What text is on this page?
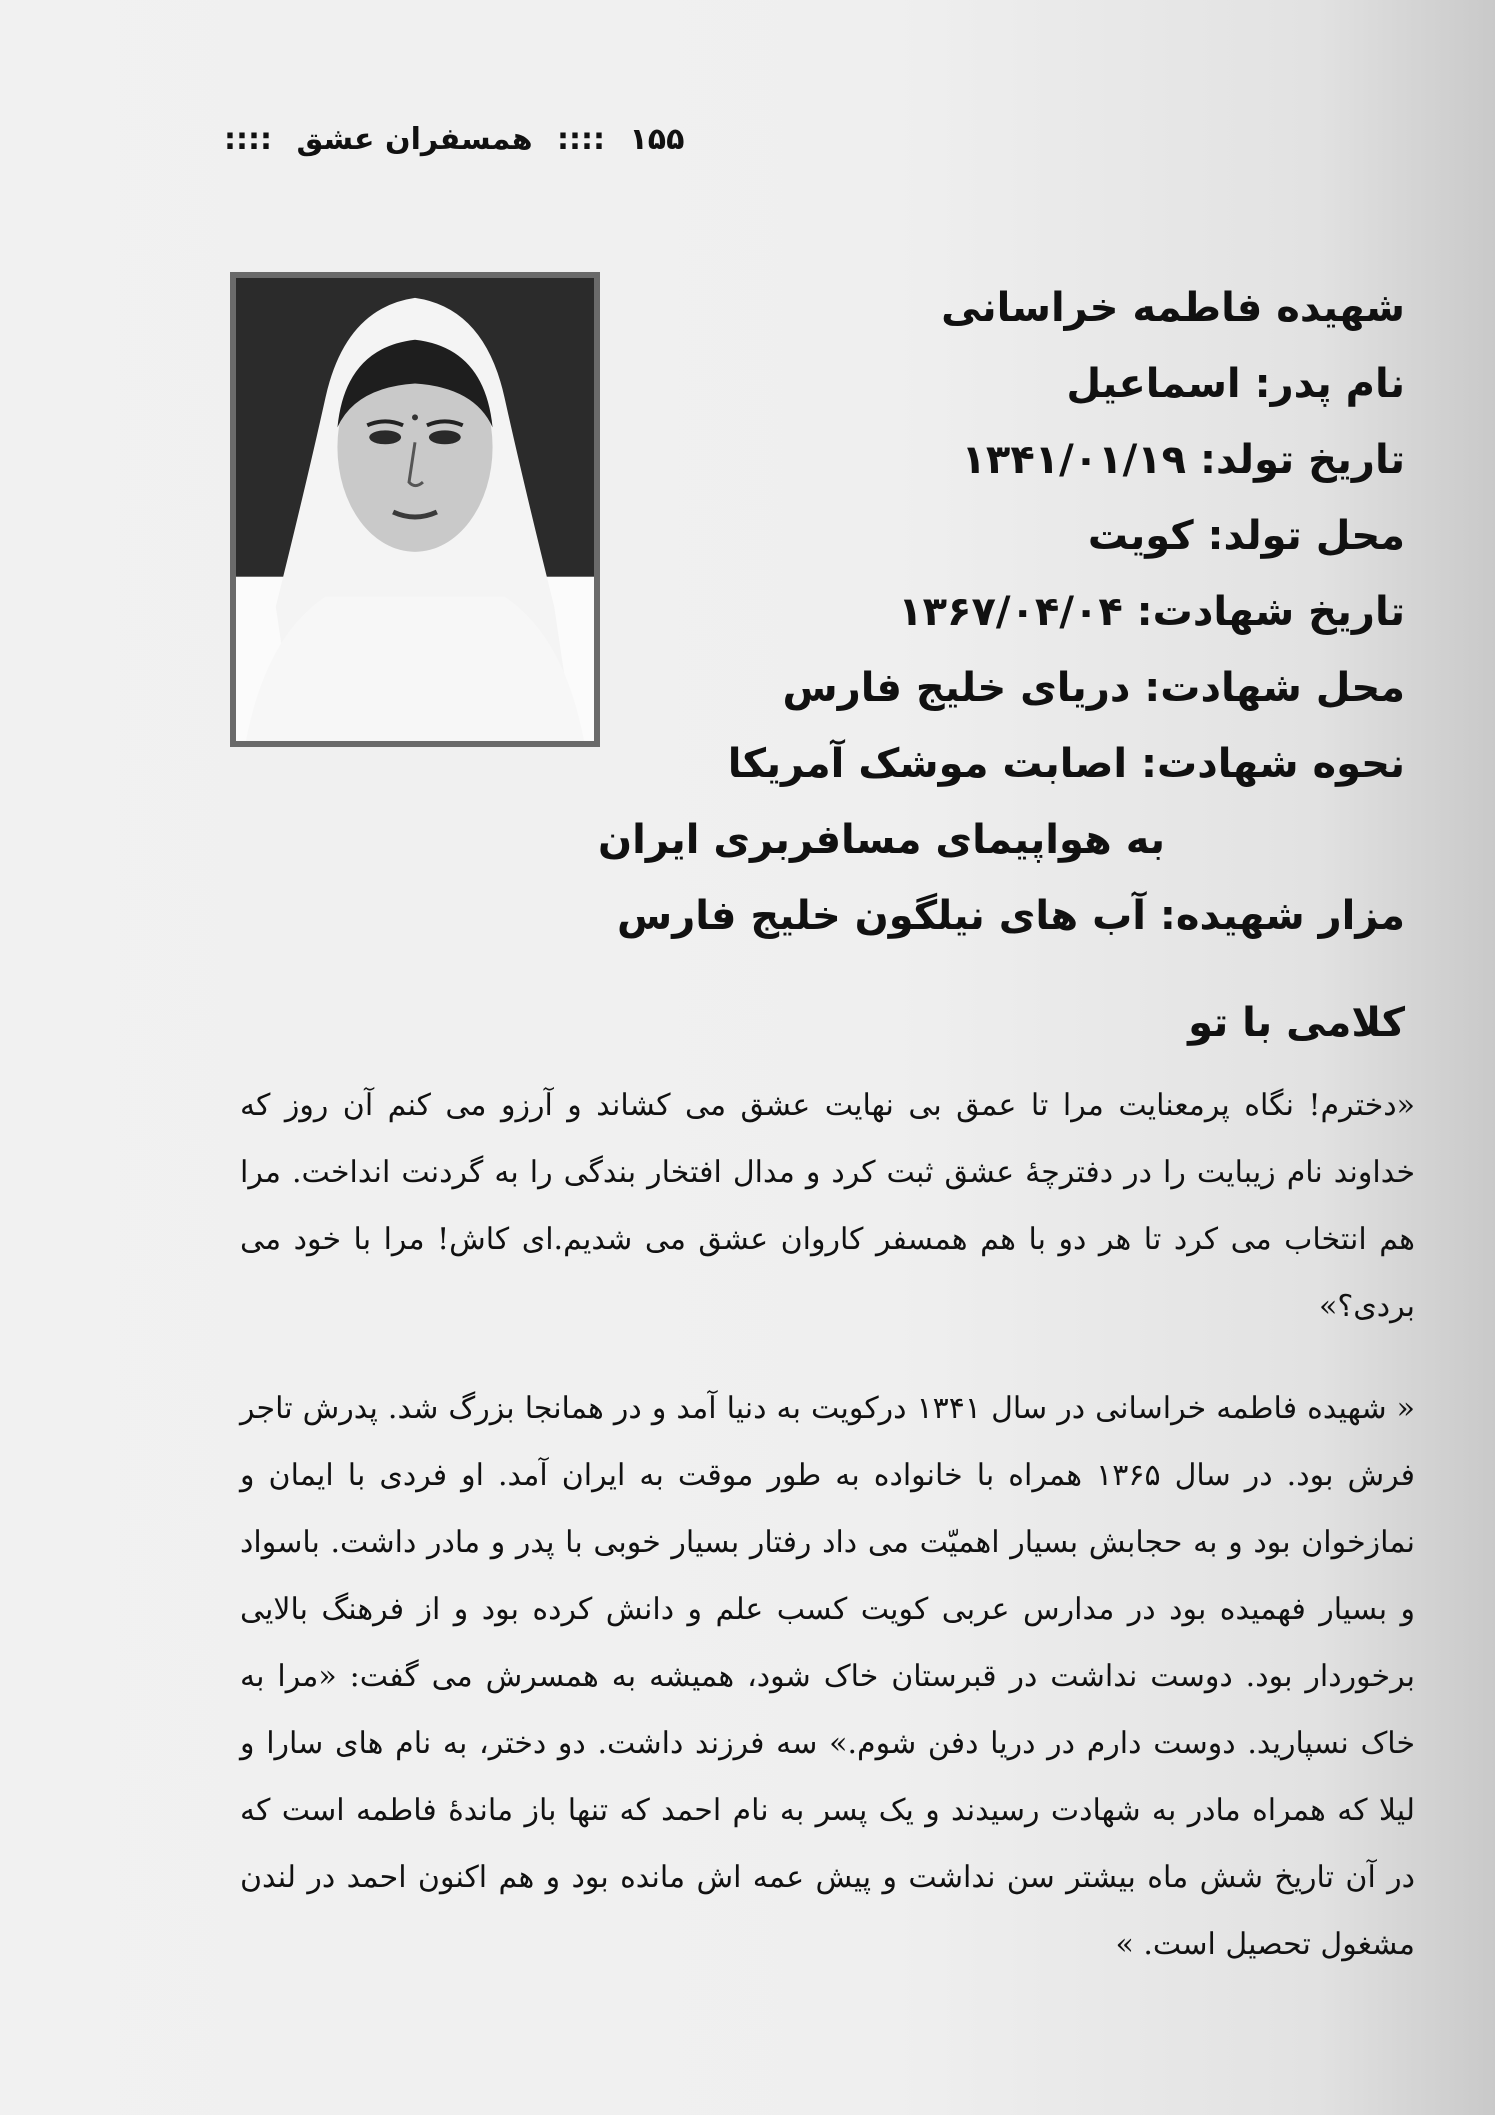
۱۵۵ :::: همسفران عشق ::::
شهیده فاطمه خراسانی
نام پدر: اسماعیل
تاریخ تولد: ۱۳۴۱/۰۱/۱۹
محل تولد: کویت
تاریخ شهادت: ۱۳۶۷/۰۴/۰۴
محل شهادت: دریای خلیج فارس
نحوه شهادت: اصابت موشک آمریکا
به هواپیمای مسافربری ایران
مزار شهیده: آب های نیلگون خلیج فارس
کلامی با تو
«دخترم! نگاه پرمعنایت مرا تا عمق بی نهایت عشق می کشاند و آرزو می کنم آن روز که خداوند نام زیبایت را در دفترچهٔ عشق ثبت کرد و مدال افتخار بندگی را به گردنت انداخت. مرا هم انتخاب می کرد تا هر دو با هم همسفر کاروان عشق می شدیم.ای کاش! مرا با خود می بردی؟»
« شهیده فاطمه خراسانی در سال ۱۳۴۱ درکویت به دنیا آمد و در همانجا بزرگ شد. پدرش تاجر فرش بود. در سال ۱۳۶۵ همراه با خانواده به طور موقت به ایران آمد. او فردی با ایمان و نمازخوان بود و به حجابش بسیار اهمیّت می داد رفتار بسیار خوبی با پدر و مادر داشت. باسواد و بسیار فهمیده بود در مدارس عربی کویت کسب علم و دانش کرده بود و از فرهنگ بالایی برخوردار بود. دوست نداشت در قبرستان خاک شود، همیشه به همسرش می گفت: «مرا به خاک نسپارید. دوست دارم در دریا دفن شوم.» سه فرزند داشت. دو دختر، به نام های سارا و لیلا که همراه مادر به شهادت رسیدند و یک پسر به نام احمد که تنها باز ماندهٔ فاطمه است که در آن تاریخ شش ماه بیشتر سن نداشت و پیش عمه اش مانده بود و هم اکنون احمد در لندن مشغول تحصیل است. »
